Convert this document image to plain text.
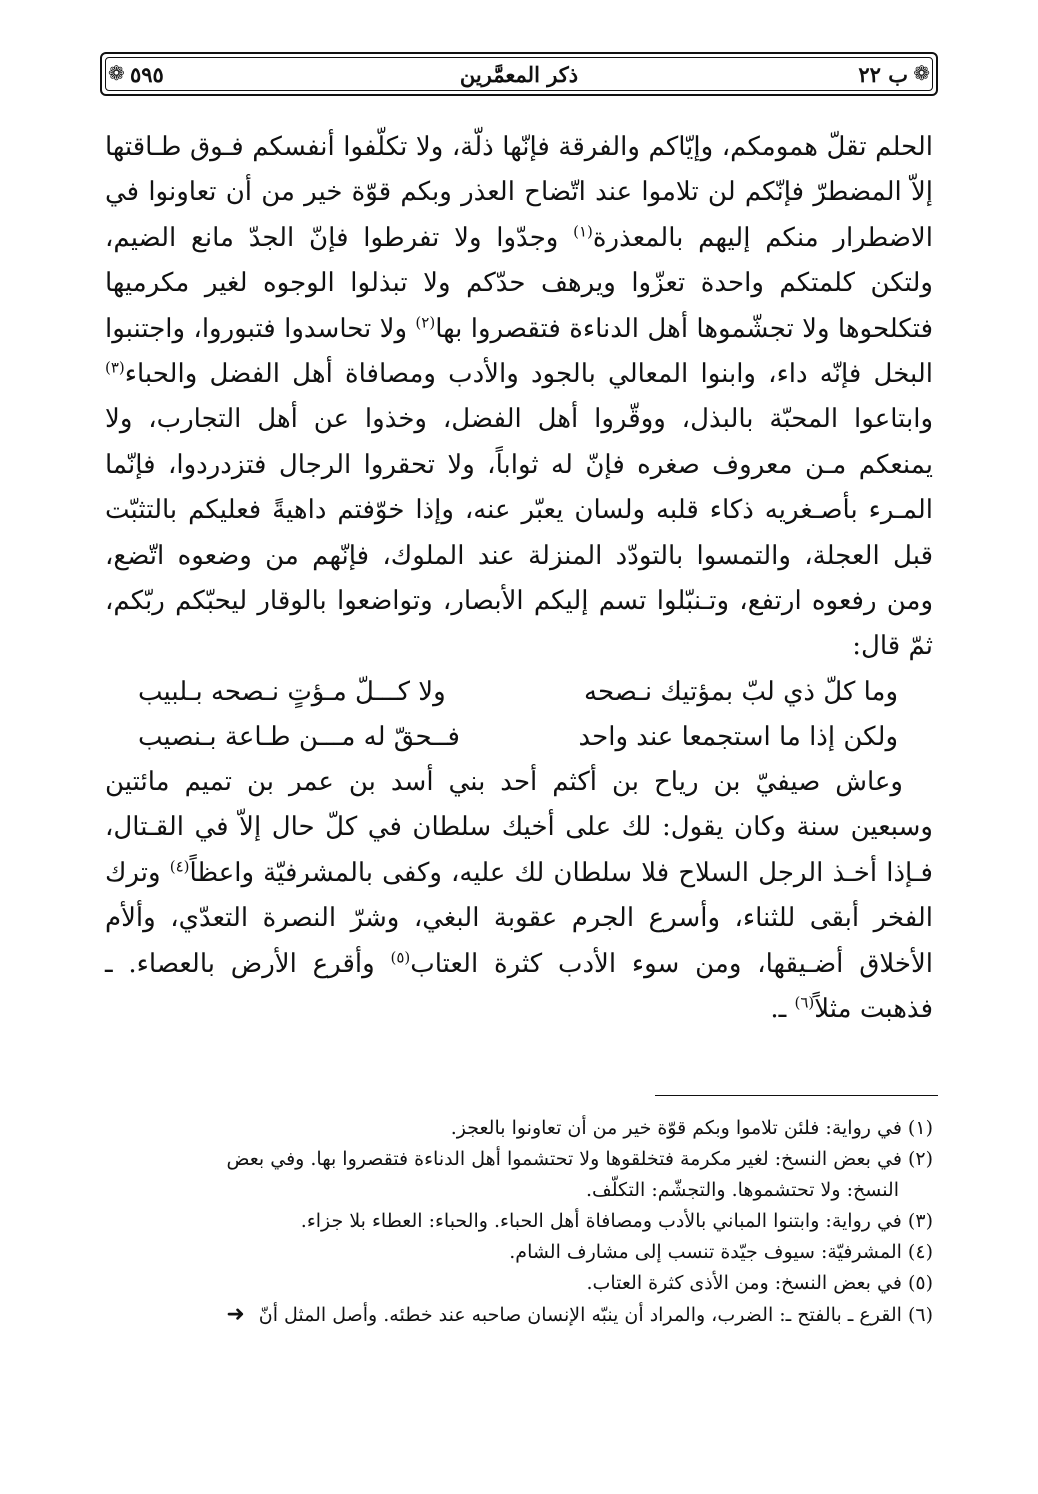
❁ ٥٩٥	ذكر المعمَّرين	ب ٢٢ ❁

الحلم تقلّ همومكم، وإيّاكم والفرقة فإنّها ذلّة، ولا تكلّفوا أنفسكم فـوق طـاقتها إلاّ المضطرّ فإنّكم لن تلاموا عند اتّضاح العذر وبكم قوّة خير من أن تعاونوا في الاضطرار منكم إليهم بالمعذرة$^{(١)}$ وجدّوا ولا تفرطوا فإنّ الجدّ مانع الضيم، ولتكن كلمتكم واحدة تعزّوا ويرهف حدّكم ولا تبذلوا الوجوه لغير مكرميها فتكلحوها ولا تجشّموها أهل الدناءة فتقصروا بها$^{(٢)}$ ولا تحاسدوا فتبوروا، واجتنبوا البخل فإنّه داء، وابنوا المعالي بالجود والأدب ومصافاة أهل الفضل والحباء$^{(٣)}$ وابتاعوا المحبّة بالبذل، ووقّروا أهل الفضل، وخذوا عن أهل التجارب، ولا يمنعكم مـن معروف صغره فإنّ له ثواباً، ولا تحقروا الرجال فتزدردوا، فإنّما المـرء بأصـغريه ذكاء قلبه ولسان يعبّر عنه، وإذا خوّفتم داهيةً فعليكم بالتثبّت قبل العجلة، والتمسوا بالتودّد المنزلة عند الملوك، فإنّهم من وضعوه اتّضع، ومن رفعوه ارتفع، وتـنبّلوا تسم إليكم الأبصار، وتواضعوا بالوقار ليحبّكم ربّكم، ثمّ قال:

وما كلّ ذي لبّ بمؤتيك نـصحه
ولا كـــلّ مـؤتٍ نـصحه بـلبيب
ولكن إذا ما استجمعا عند واحد
فــحقّ له مـــن طـاعة بـنصيب

وعاش صيفيّ بن رياح بن أكثم أحد بني أسد بن عمر بن تميم مائتين وسبعين سنة وكان يقول: لك على أخيك سلطان في كلّ حال إلاّ في القـتال، فـإذا أخـذ الرجل السلاح فلا سلطان لك عليه، وكفى بالمشرفيّة واعظاً$^{(٤)}$ وترك الفخر أبقى للثناء، وأسرع الجرم عقوبة البغي، وشرّ النصرة التعدّي، وألأم الأخلاق أضـيقها، ومن سوء الأدب كثرة العتاب$^{(٥)}$ وأقرع الأرض بالعصاء. ـ فذهبت مثلاً$^{(٦)}$ ـ.

(١) في رواية: فلئن تلاموا وبكم قوّة خير من أن تعاونوا بالعجز.

(٢) في بعض النسخ: لغير مكرمة فتخلقوها ولا تحتشموا أهل الدناءة فتقصروا بها. وفي بعض

النسخ: ولا تحتشموها. والتجشّم: التكلّف.

(٣) في رواية: وابتنوا المباني بالأدب ومصافاة أهل الحباء. والحباء: العطاء بلا جزاء.

(٤) المشرفيّة: سيوف جيّدة تنسب إلى مشارف الشام.

(٥) في بعض النسخ: ومن الأذى كثرة العتاب.

(٦) القرع ـ بالفتح ـ: الضرب، والمراد أن ينبّه الإنسان صاحبه عند خطئه. وأصل المثل أنّ➜
